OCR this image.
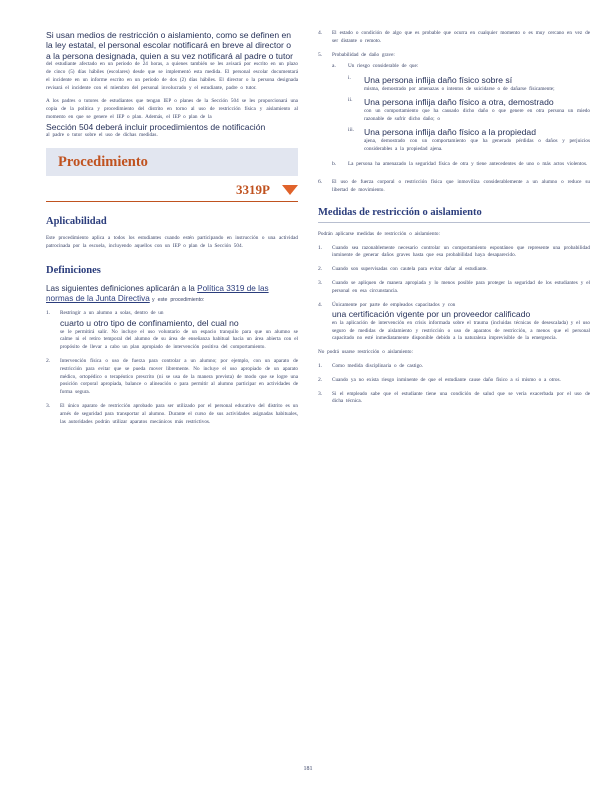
Si usan medios de restricción o aislamiento, como se definen en la ley estatal, el personal escolar notificará en breve al director o a la persona designada, quien a su vez notificará al padre o tutor

del estudiante afectado en un periodo de 24 horas, a quienes también se les avisará por escrito en un plazo de cinco (5) días hábiles (escolares) desde que se implementó esta medida. El personal escolar documentará el incidente en un informe escrito en un periodo de dos (2) días hábiles. El director o la persona designada revisará el incidente con el miembro del personal involucrado y el estudiante, padre o tutor.

A los padres o tutores de estudiantes que tengan IEP o planes de la Sección 504 se les proporcionará una copia de la política y procedimiento del distrito en torno al uso de restricción física y aislamiento al momento en que se genere el IEP o plan. Además, el IEP o plan de la

Sección 504 deberá incluir procedimientos de notificación

al padre o tutor sobre el uso de dichas medidas.

Procedimiento
3319P
Aplicabilidad

Este procedimiento aplica a todos los estudiantes cuando estén participando en instrucción o una actividad patrocinada por la escuela, incluyendo aquellos con un IEP o plan de la Sección 504.

Definiciones

Las siguientes definiciones aplicarán a la Política 3319 de las normas de la Junta Directiva y este procedimiento:

1.	Restringir a un alumno a solas, dentro de un

cuarto u otro tipo de confinamiento, del cual no

se le permitirá salir. No incluye el uso voluntario de un espacio tranquilo para que un alumno se calme ni el retiro temporal del alumno de su área de enseñanza habitual hacia un área abierta con el propósito de llevar a cabo un plan apropiado de intervención positiva del comportamiento.

2.	Intervención física o uso de fuerza para controlar a un alumno; por ejemplo, con un aparato de restricción para evitar que se pueda mover libremente. No incluye el uso apropiado de un aparato médico, ortopédico o terapéutico prescrito (ni se usa de la manera prevista) de modo que se logre una posición corporal apropiada, balance o alineación o para permitir al alumno participar en actividades de forma segura.

3.	El único aparato de restricción aprobado para ser utilizado por el personal educativo del distrito es un arnés de seguridad para transportar al alumno. Durante el curso de sus actividades asignadas habituales, las autoridades podrán utilizar aparatos mecánicos más restrictivos.

4.	El estado o condición de algo que es probable que ocurra en cualquier momento o es muy cercano en vez de ser distante o remoto.

5.	Probabilidad de daño grave:

a.	Un riesgo considerable de que:

i.	Una persona inflija daño físico sobre sí

misma, demostrado por amenazas o intentos de suicidarse o de dañarse físicamente;

ii.	Una persona inflija daño físico a otra, demostrado

con un comportamiento que ha causado dicho daño o que genere en otra persona un miedo razonable de sufrir dicho daño; o

iii.	Una persona inflija daño físico a la propiedad

ajena, demostrado con un comportamiento que ha generado pérdidas o daños y perjuicios considerables a la propiedad ajena.

b.	La persona ha amenazado la seguridad física de otra y tiene antecedentes de uno o más actos violentos.

6.	El uso de fuerza corporal o restricción física que inmoviliza considerablemente a un alumno o reduce su libertad de movimiento.

Medidas de restricción o aislamiento

Podrán aplicarse medidas de restricción o aislamiento:

1.	Cuando sea razonablemente necesario controlar un comportamiento espontáneo que represente una probabilidad inminente de generar daños graves hasta que esa probabilidad haya desaparecido.

2.	Cuando son supervisadas con cautela para evitar dañar al estudiante.

3.	Cuando se apliquen de manera apropiada y lo menos posible para proteger la seguridad de los estudiantes y el personal en esa circunstancia.

4.	Únicamente por parte de empleados capacitados y con

una certificación vigente por un proveedor calificado

en la aplicación de intervención en crisis informada sobre el trauma (incluidas técnicas de desescalada) y el uso seguro de medidas de aislamiento y restricción o uso de aparatos de restricción, a menos que el personal capacitado no esté inmediatamente disponible debido a la naturaleza imprevisible de la emergencia.

No podrá usarse restricción o aislamiento:

1.	Como medida disciplinaria o de castigo.

2.	Cuando ya no exista riesgo inminente de que el estudiante cause daño físico a sí mismo o a otros.

3.	Si el empleado sabe que el estudiante tiene una condición de salud que se vería exacerbada por el uso de dicha técnica.

181
